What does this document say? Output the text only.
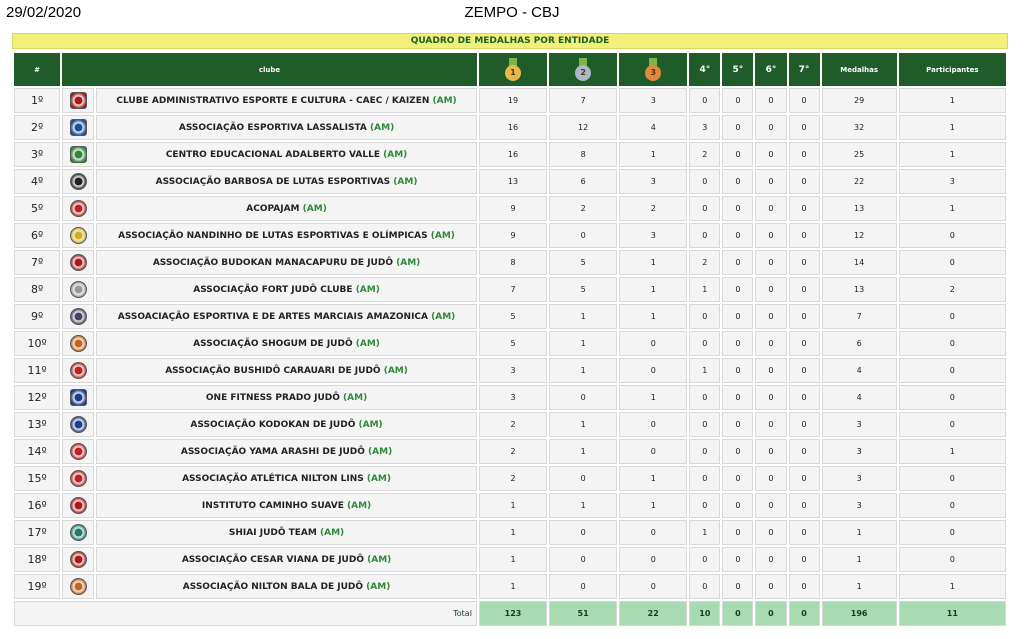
29/02/2020	ZEMPO - CBJ
QUADRO DE MEDALHAS POR ENTIDADE
#	clube		1	2	3	4°	5°	6°	7°	Medalhas	Participantes
1º		CLUBE ADMINISTRATIVO ESPORTE E CULTURA - CAEC / KAIZEN (AM)	19	7	3	0	0	0	0	29	1
2º		ASSOCIAÇÃO ESPORTIVA LASSALISTA (AM)	16	12	4	3	0	0	0	32	1
3º		CENTRO EDUCACIONAL ADALBERTO VALLE (AM)	16	8	1	2	0	0	0	25	1
4º		ASSOCIAÇÃO BARBOSA DE LUTAS ESPORTIVAS (AM)	13	6	3	0	0	0	0	22	3
5º		ACOPAJAM (AM)	9	2	2	0	0	0	0	13	1
6º		ASSOCIAÇÃO NANDINHO DE LUTAS ESPORTIVAS E OLÍMPICAS (AM)	9	0	3	0	0	0	0	12	0
7º		ASSOCIAÇÃO BUDOKAN MANACAPURU DE JUDÔ (AM)	8	5	1	2	0	0	0	14	0
8º		ASSOCIAÇÃO FORT JUDÔ CLUBE (AM)	7	5	1	1	0	0	0	13	2
9º		ASSOACIAÇÃO ESPORTIVA E DE ARTES MARCIAIS AMAZONICA (AM)	5	1	1	0	0	0	0	7	0
10º		ASSOCIAÇÃO SHOGUM DE JUDÔ (AM)	5	1	0	0	0	0	0	6	0
11º		ASSOCIAÇÃO BUSHIDÔ CARAUARI DE JUDÔ (AM)	3	1	0	1	0	0	0	4	0
12º		ONE FITNESS PRADO JUDÔ (AM)	3	0	1	0	0	0	0	4	0
13º		ASSOCIAÇÃO KODOKAN DE JUDÔ (AM)	2	1	0	0	0	0	0	3	0
14º		ASSOCIAÇÃO YAMA ARASHI DE JUDÔ (AM)	2	1	0	0	0	0	0	3	1
15º		ASSOCIAÇÃO ATLÉTICA NILTON LINS (AM)	2	0	1	0	0	0	0	3	0
16º		INSTITUTO CAMINHO SUAVE (AM)	1	1	1	0	0	0	0	3	0
17º		SHIAI JUDÔ TEAM (AM)	1	0	0	1	0	0	0	1	0
18º		ASSOCIAÇÃO CESAR VIANA DE JUDÔ (AM)	1	0	0	0	0	0	0	1	0
19º		ASSOCIAÇÃO NILTON BALA DE JUDÔ (AM)	1	0	0	0	0	0	0	1	1
Total			123	51	22	10	0	0	0	196	11
